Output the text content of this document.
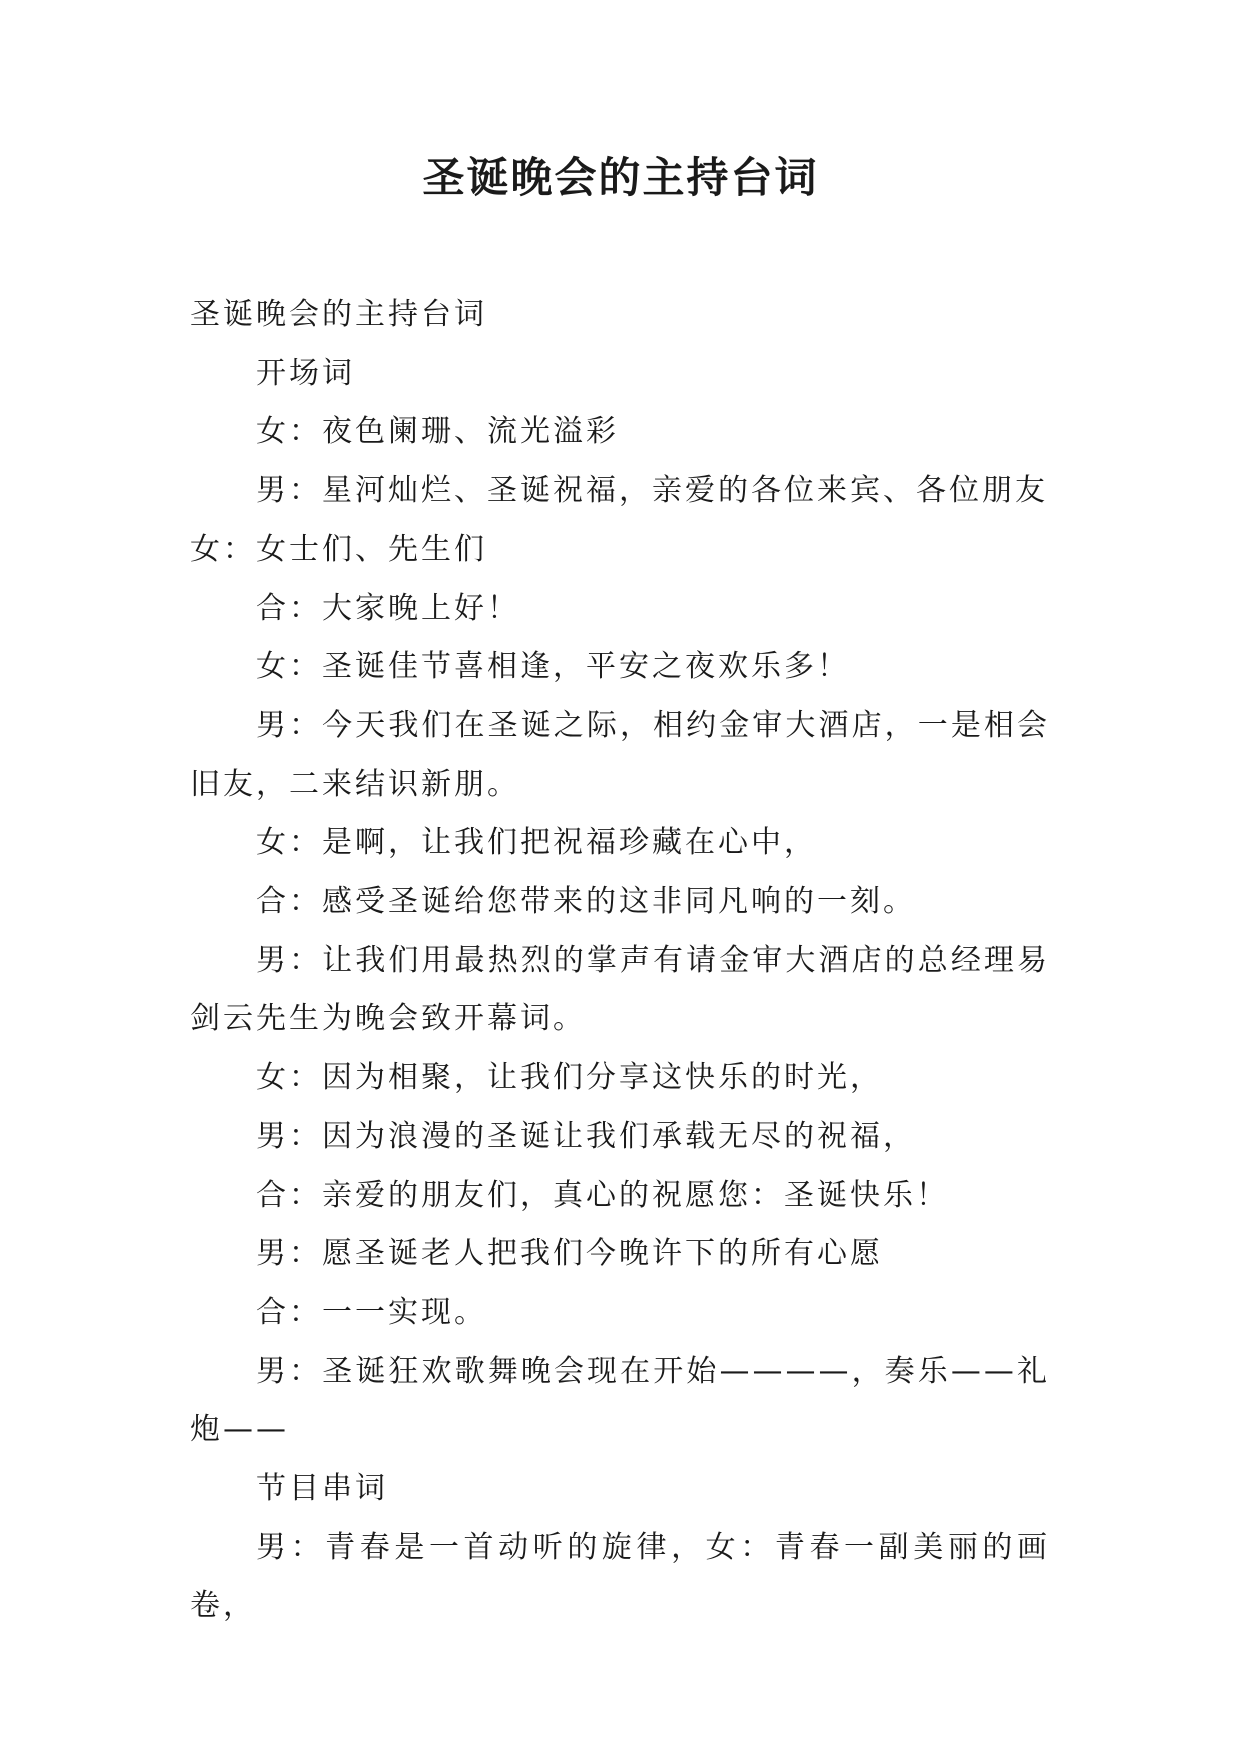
圣诞晚会的主持台词

圣诞晚会的主持台词

开场词

女：夜色阑珊、流光溢彩

男：星河灿烂、圣诞祝福，亲爱的各位来宾、各位朋友

女：女士们、先生们

合：大家晚上好！

女：圣诞佳节喜相逢，平安之夜欢乐多！

男：今天我们在圣诞之际，相约金审大酒店，一是相会旧友，二来结识新朋。

女：是啊，让我们把祝福珍藏在心中，

合：感受圣诞给您带来的这非同凡响的一刻。

男：让我们用最热烈的掌声有请金审大酒店的总经理易剑云先生为晚会致开幕词。

女：因为相聚，让我们分享这快乐的时光，

男：因为浪漫的圣诞让我们承载无尽的祝福，

合：亲爱的朋友们，真心的祝愿您：圣诞快乐！

男：愿圣诞老人把我们今晚许下的所有心愿

合：一一实现。

男：圣诞狂欢歌舞晚会现在开始————，奏乐——礼炮——

节目串词

男：青春是一首动听的旋律，女：青春一副美丽的画卷，
